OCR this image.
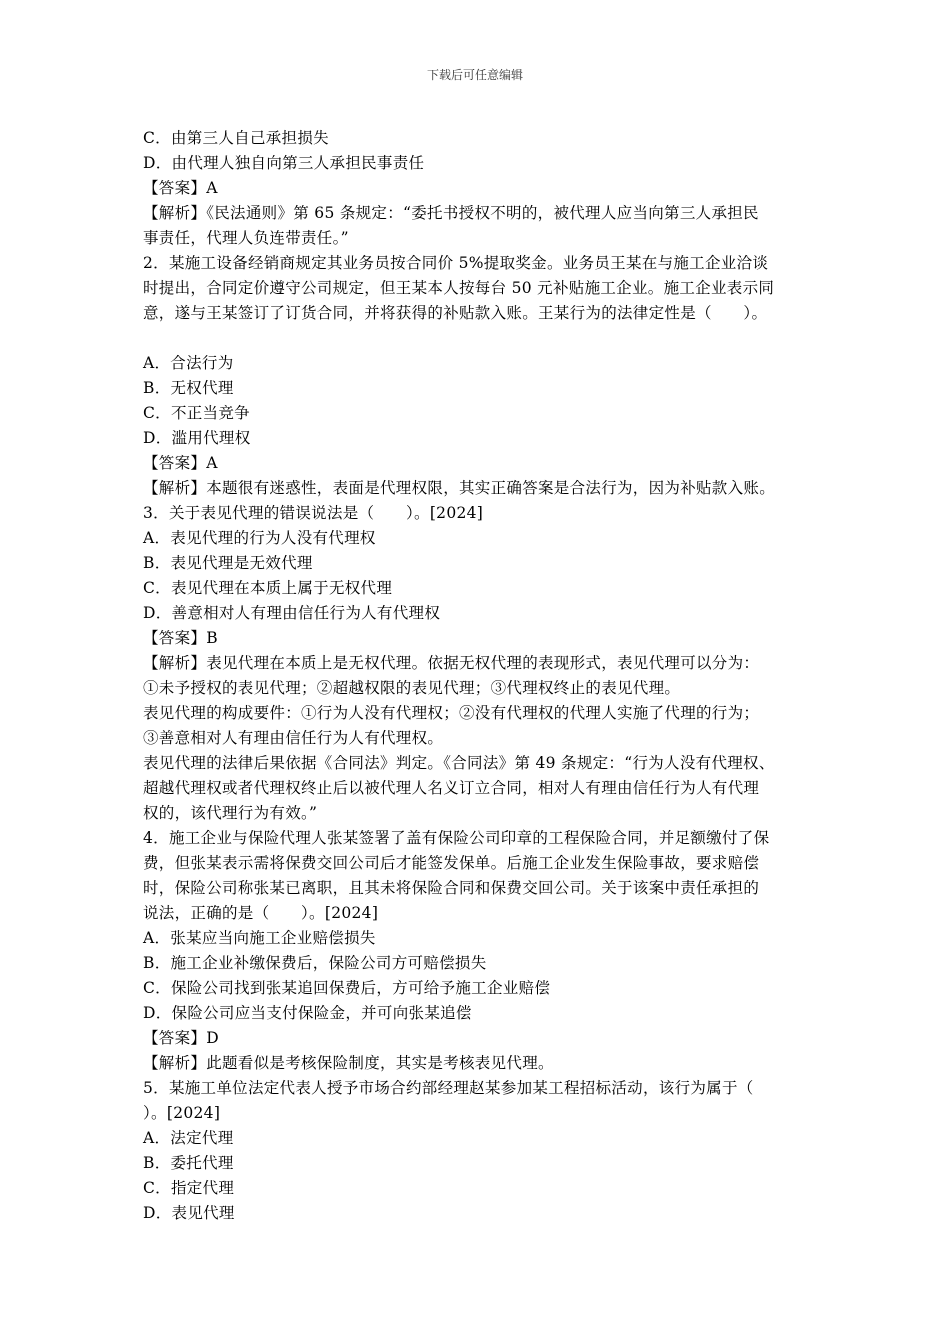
下载后可任意编辑
C．由第三人自己承担损失
D．由代理人独自向第三人承担民事责任
【答案】A
【解析】《民法通则》第 65 条规定：“委托书授权不明的，被代理人应当向第三人承担民
事责任，代理人负连带责任。”
2．某施工设备经销商规定其业务员按合同价 5%提取奖金。业务员王某在与施工企业洽谈
时提出，合同定价遵守公司规定，但王某本人按每台 50 元补贴施工企业。施工企业表示同
意，遂与王某签订了订货合同，并将获得的补贴款入账。王某行为的法律定性是（　　）。
A．合法行为
B．无权代理
C．不正当竞争
D．滥用代理权
【答案】A
【解析】本题很有迷惑性，表面是代理权限，其实正确答案是合法行为，因为补贴款入账。
3．关于表见代理的错误说法是（　　）。[2024]
A．表见代理的行为人没有代理权
B．表见代理是无效代理
C．表见代理在本质上属于无权代理
D．善意相对人有理由信任行为人有代理权
【答案】B
【解析】表见代理在本质上是无权代理。依据无权代理的表现形式，表见代理可以分为：
①未予授权的表见代理；②超越权限的表见代理；③代理权终止的表见代理。
表见代理的构成要件：①行为人没有代理权；②没有代理权的代理人实施了代理的行为；
③善意相对人有理由信任行为人有代理权。
表见代理的法律后果依据《合同法》判定。《合同法》第 49 条规定：“行为人没有代理权、
超越代理权或者代理权终止后以被代理人名义订立合同，相对人有理由信任行为人有代理
权的，该代理行为有效。”
4．施工企业与保险代理人张某签署了盖有保险公司印章的工程保险合同，并足额缴付了保
费，但张某表示需将保费交回公司后才能签发保单。后施工企业发生保险事故，要求赔偿
时，保险公司称张某已离职，且其未将保险合同和保费交回公司。关于该案中责任承担的
说法，正确的是（　　）。[2024]
A．张某应当向施工企业赔偿损失
B．施工企业补缴保费后，保险公司方可赔偿损失
C．保险公司找到张某追回保费后，方可给予施工企业赔偿
D．保险公司应当支付保险金，并可向张某追偿
【答案】D
【解析】此题看似是考核保险制度，其实是考核表见代理。
5．某施工单位法定代表人授予市场合约部经理赵某参加某工程招标活动，该行为属于（
）。[2024]
A．法定代理
B．委托代理
C．指定代理
D．表见代理
